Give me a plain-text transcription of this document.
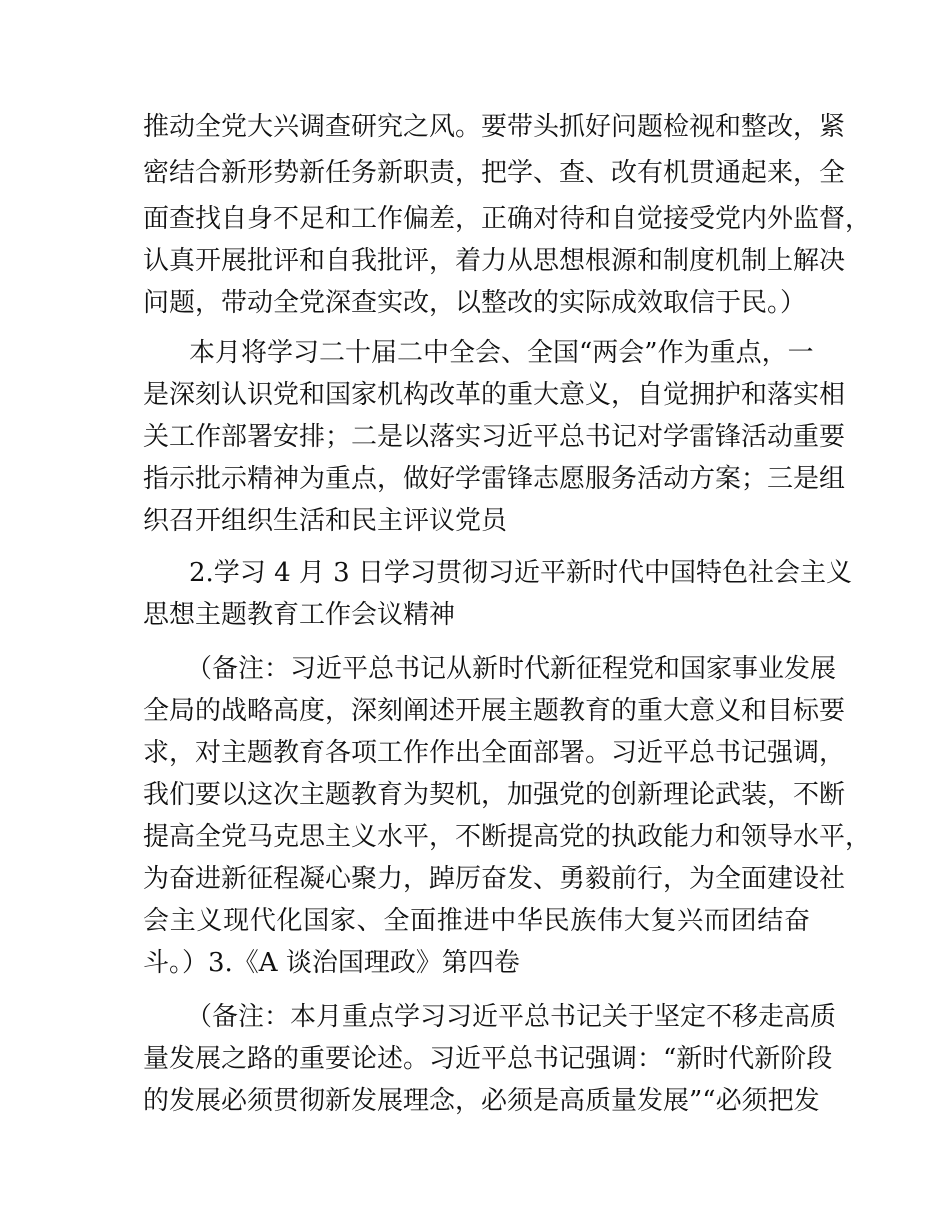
推动全党大兴调查研究之风。要带头抓好问题检视和整改，紧
密结合新形势新任务新职责，把学、查、改有机贯通起来，全
面查找自身不足和工作偏差，正确对待和自觉接受党内外监督，
认真开展批评和自我批评，着力从思想根源和制度机制上解决
问题，带动全党深查实改，以整改的实际成效取信于民。）
本月将学习二十届二中全会、全国“两会”作为重点，一
是深刻认识党和国家机构改革的重大意义，自觉拥护和落实相
关工作部署安排；二是以落实习近平总书记对学雷锋活动重要
指示批示精神为重点，做好学雷锋志愿服务活动方案；三是组
织召开组织生活和民主评议党员
2.学习 4 月 3 日学习贯彻习近平新时代中国特色社会主义
思想主题教育工作会议精神
（备注：习近平总书记从新时代新征程党和国家事业发展
全局的战略高度，深刻阐述开展主题教育的重大意义和目标要
求，对主题教育各项工作作出全面部署。习近平总书记强调，
我们要以这次主题教育为契机，加强党的创新理论武装，不断
提高全党马克思主义水平，不断提高党的执政能力和领导水平，
为奋进新征程凝心聚力，踔厉奋发、勇毅前行，为全面建设社
会主义现代化国家、全面推进中华民族伟大复兴而团结奋
斗。）3.《A 谈治国理政》第四卷
（备注：本月重点学习习近平总书记关于坚定不移走高质
量发展之路的重要论述。习近平总书记强调：“新时代新阶段
的发展必须贯彻新发展理念，必须是高质量发展”“必须把发
